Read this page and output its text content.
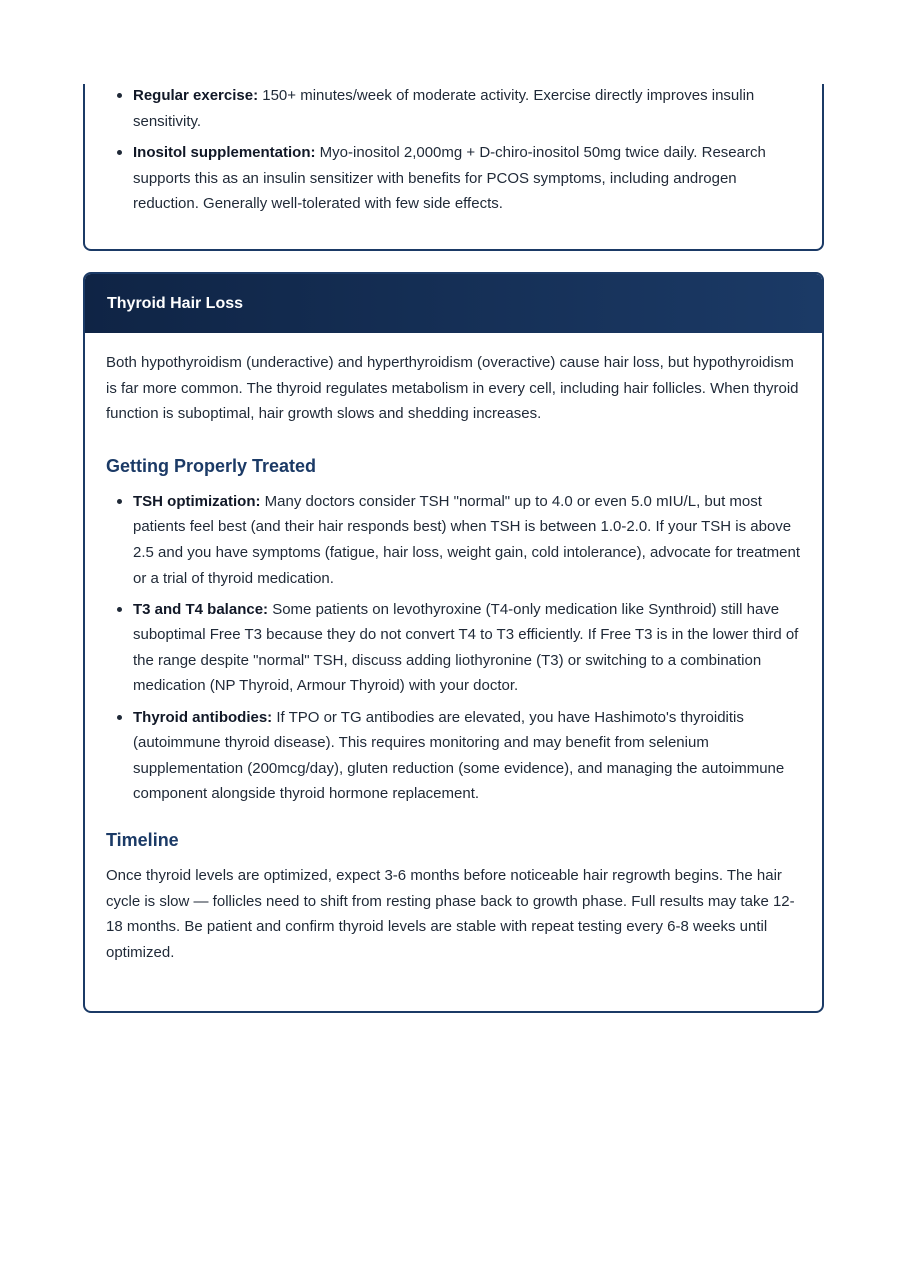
Regular exercise: 150+ minutes/week of moderate activity. Exercise directly improves insulin sensitivity.
Inositol supplementation: Myo-inositol 2,000mg + D-chiro-inositol 50mg twice daily. Research supports this as an insulin sensitizer with benefits for PCOS symptoms, including androgen reduction. Generally well-tolerated with few side effects.
Thyroid Hair Loss

Both hypothyroidism (underactive) and hyperthyroidism (overactive) cause hair loss, but hypothyroidism is far more common. The thyroid regulates metabolism in every cell, including hair follicles. When thyroid function is suboptimal, hair growth slows and shedding increases.

Getting Properly Treated
TSH optimization: Many doctors consider TSH "normal" up to 4.0 or even 5.0 mIU/L, but most patients feel best (and their hair responds best) when TSH is between 1.0-2.0. If your TSH is above 2.5 and you have symptoms (fatigue, hair loss, weight gain, cold intolerance), advocate for treatment or a trial of thyroid medication.
T3 and T4 balance: Some patients on levothyroxine (T4-only medication like Synthroid) still have suboptimal Free T3 because they do not convert T4 to T3 efficiently. If Free T3 is in the lower third of the range despite "normal" TSH, discuss adding liothyronine (T3) or switching to a combination medication (NP Thyroid, Armour Thyroid) with your doctor.
Thyroid antibodies: If TPO or TG antibodies are elevated, you have Hashimoto's thyroiditis (autoimmune thyroid disease). This requires monitoring and may benefit from selenium supplementation (200mcg/day), gluten reduction (some evidence), and managing the autoimmune component alongside thyroid hormone replacement.
Timeline

Once thyroid levels are optimized, expect 3-6 months before noticeable hair regrowth begins. The hair cycle is slow — follicles need to shift from resting phase back to growth phase. Full results may take 12-18 months. Be patient and confirm thyroid levels are stable with repeat testing every 6-8 weeks until optimized.
